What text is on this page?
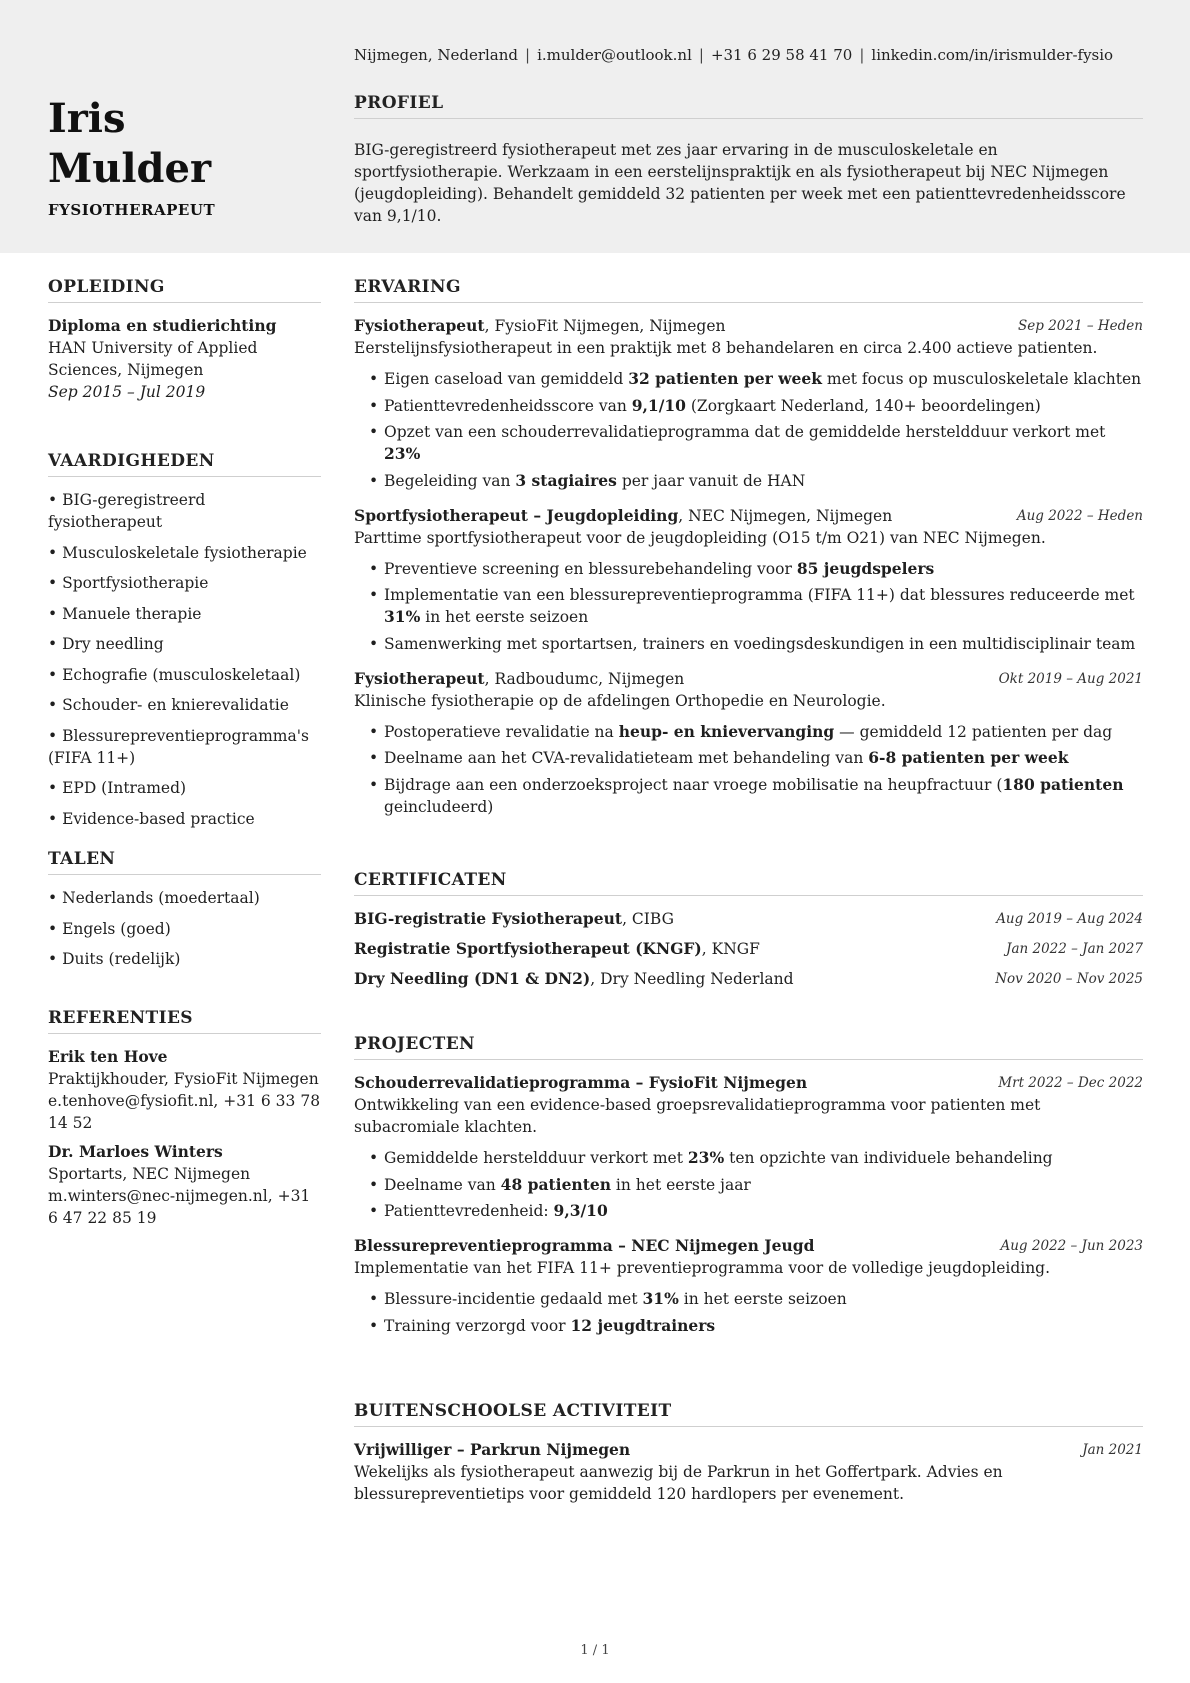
Nijmegen, Nederland | i.mulder@outlook.nl | +31 6 29 58 41 70 | linkedin.com/in/irismulder-fysio
Iris
Mulder
FYSIOTHERAPEUT
PROFIEL
BIG-geregistreerd fysiotherapeut met zes jaar ervaring in de musculoskeletale en sportfysiotherapie. Werkzaam in een eerstelijnspraktijk en als fysiotherapeut bij NEC Nijmegen (jeugdopleiding). Behandelt gemiddeld 32 patienten per week met een patienttevredenheidsscore van 9,1/10.
OPLEIDING
Diploma en studierichting
HAN University of Applied Sciences, Nijmegen
Sep 2015 – Jul 2019
VAARDIGHEDEN
• BIG-geregistreerd fysiotherapeut
• Musculoskeletale fysiotherapie
• Sportfysiotherapie
• Manuele therapie
• Dry needling
• Echografie (musculoskeletaal)
• Schouder- en knierevalidatie
• Blessurepreventieprogramma's (FIFA 11+)
• EPD (Intramed)
• Evidence-based practice
TALEN
• Nederlands (moedertaal)
• Engels (goed)
• Duits (redelijk)
REFERENTIES
Erik ten Hove
Praktijkhouder, FysioFit Nijmegen
e.tenhove@fysiofit.nl, +31 6 33 78 14 52
Dr. Marloes Winters
Sportarts, NEC Nijmegen
m.winters@nec-nijmegen.nl, +31 6 47 22 85 19
ERVARING
Fysiotherapeut, FysioFit Nijmegen, Nijmegen	Sep 2021 – Heden
Eerstelijnsfysiotherapeut in een praktijk met 8 behandelaren en circa 2.400 actieve patienten.
• Eigen caseload van gemiddeld 32 patienten per week met focus op musculoskeletale klachten
• Patienttevredenheidsscore van 9,1/10 (Zorgkaart Nederland, 140+ beoordelingen)
• Opzet van een schouderrevalidatieprogramma dat de gemiddelde hersteldduur verkort met 23%
• Begeleiding van 3 stagiaires per jaar vanuit de HAN
Sportfysiotherapeut – Jeugdopleiding, NEC Nijmegen, Nijmegen	Aug 2022 – Heden
Parttime sportfysiotherapeut voor de jeugdopleiding (O15 t/m O21) van NEC Nijmegen.
• Preventieve screening en blessurebehandeling voor 85 jeugdspelers
• Implementatie van een blessurepreventieprogramma (FIFA 11+) dat blessures reduceerde met 31% in het eerste seizoen
• Samenwerking met sportartsen, trainers en voedingsdeskundigen in een multidisciplinair team
Fysiotherapeut, Radboudumc, Nijmegen	Okt 2019 – Aug 2021
Klinische fysiotherapie op de afdelingen Orthopedie en Neurologie.
• Postoperatieve revalidatie na heup- en knievervanging — gemiddeld 12 patienten per dag
• Deelname aan het CVA-revalidatieteam met behandeling van 6-8 patienten per week
• Bijdrage aan een onderzoeksproject naar vroege mobilisatie na heupfractuur (180 patienten geincludeerd)
CERTIFICATEN
BIG-registratie Fysiotherapeut, CIBG	Aug 2019 – Aug 2024
Registratie Sportfysiotherapeut (KNGF), KNGF	Jan 2022 – Jan 2027
Dry Needling (DN1 & DN2), Dry Needling Nederland	Nov 2020 – Nov 2025
PROJECTEN
Schouderrevalidatieprogramma – FysioFit Nijmegen	Mrt 2022 – Dec 2022
Ontwikkeling van een evidence-based groepsrevalidatieprogramma voor patienten met subacromiale klachten.
• Gemiddelde hersteldduur verkort met 23% ten opzichte van individuele behandeling
• Deelname van 48 patienten in het eerste jaar
• Patienttevredenheid: 9,3/10
Blessurepreventieprogramma – NEC Nijmegen Jeugd	Aug 2022 – Jun 2023
Implementatie van het FIFA 11+ preventieprogramma voor de volledige jeugdopleiding.
• Blessure-incidentie gedaald met 31% in het eerste seizoen
• Training verzorgd voor 12 jeugdtrainers
BUITENSCHOOLSE ACTIVITEIT
Vrijwilliger – Parkrun Nijmegen	Jan 2021
Wekelijks als fysiotherapeut aanwezig bij de Parkrun in het Goffertpark. Advies en blessurepreventietips voor gemiddeld 120 hardlopers per evenement.
1 / 1
